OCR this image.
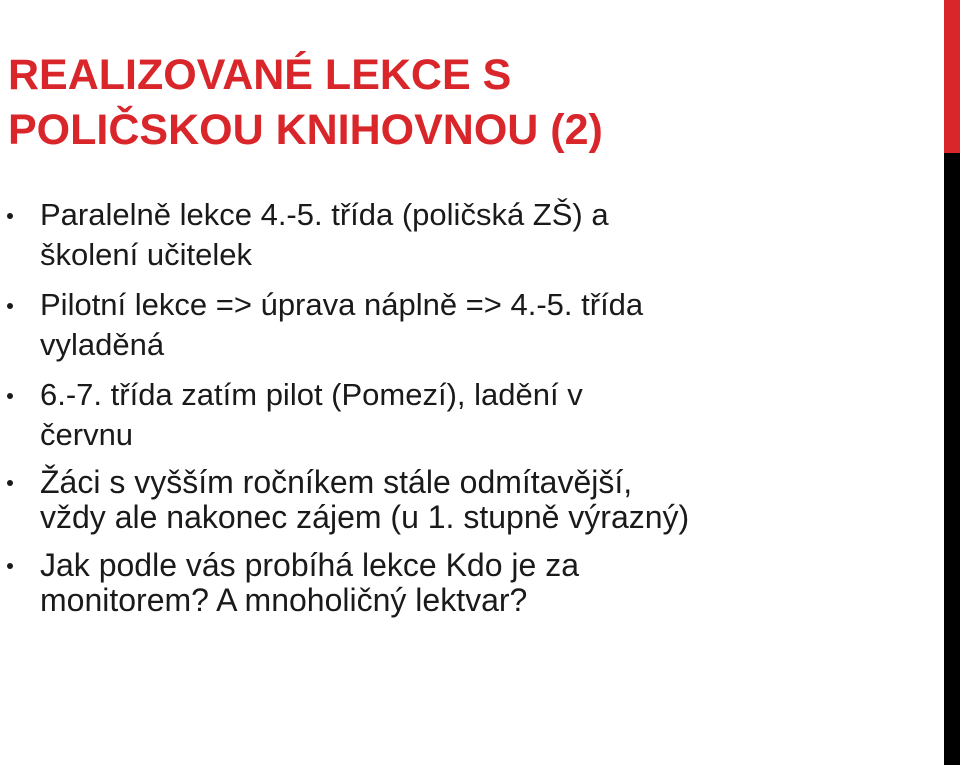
REALIZOVANÉ LEKCE S
POLIČSKOU KNIHOVNOU (2)
Paralelně lekce 4.-5. třída (poličská ZŠ) a
školení učitelek
Pilotní lekce => úprava náplně => 4.-5. třída
vyladěná
6.-7. třída zatím pilot (Pomezí), ladění v
červnu
Žáci s vyšším ročníkem stále odmítavější,
vždy ale nakonec zájem (u 1. stupně výrazný)
Jak podle vás probíhá lekce Kdo je za
monitorem? A mnoholičný lektvar?
